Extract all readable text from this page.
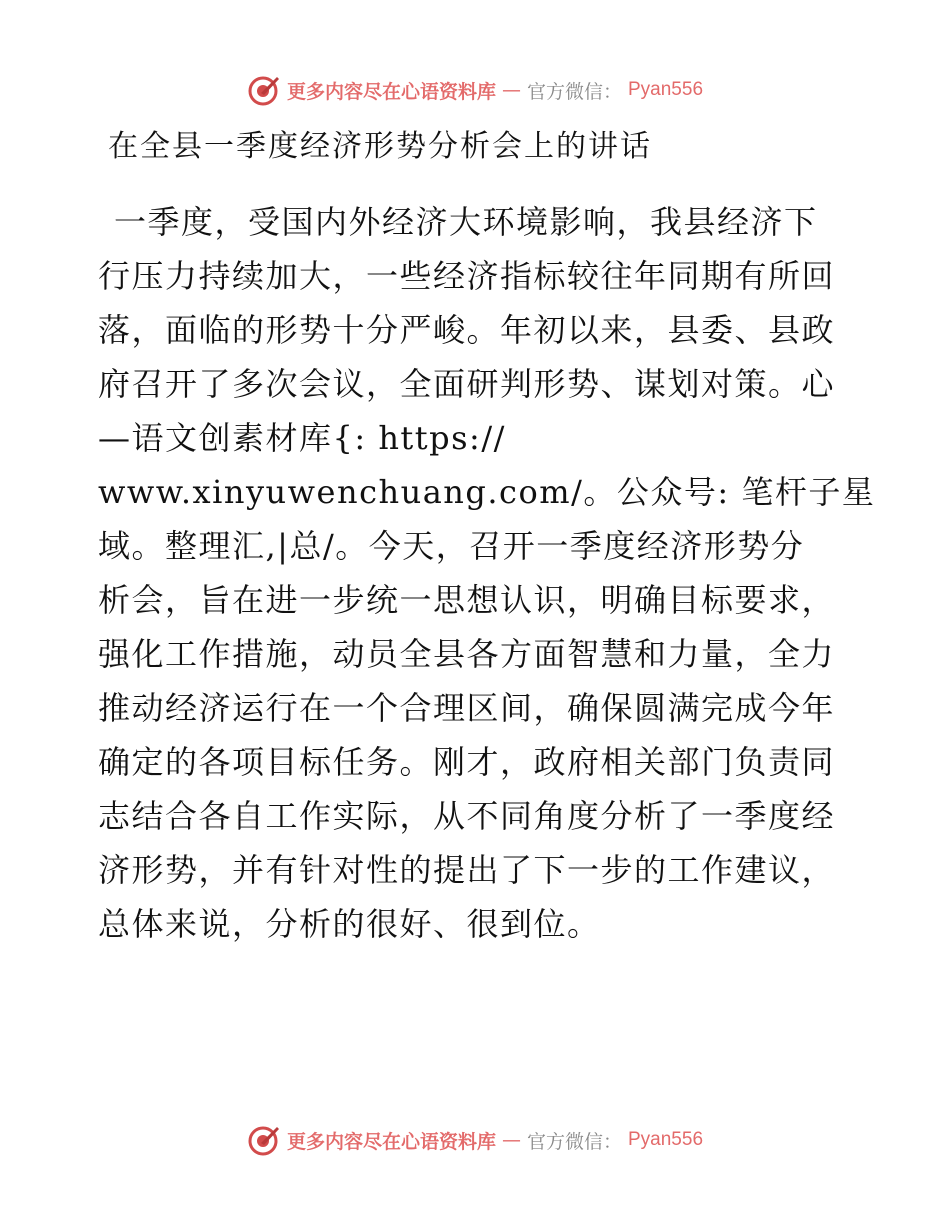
更多内容尽在心语资料库 — 官方微信： Pyan556
在全县一季度经济形势分析会上的讲话
一季度，受国内外经济大环境影响，我县经济下
行压力持续加大，一些经济指标较往年同期有所回
落，面临的形势十分严峻。年初以来，县委、县政
府召开了多次会议，全面研判形势、谋划对策。心
—语文创素材库{: https://
www.xinyuwenchuang.com/。公众号: 笔杆子星
域。整理汇,|总/。今天，召开一季度经济形势分
析会，旨在进一步统一思想认识，明确目标要求，
强化工作措施，动员全县各方面智慧和力量，全力
推动经济运行在一个合理区间，确保圆满完成今年
确定的各项目标任务。刚才，政府相关部门负责同
志结合各自工作实际，从不同角度分析了一季度经
济形势，并有针对性的提出了下一步的工作建议，
总体来说，分析的很好、很到位。
更多内容尽在心语资料库 — 官方微信： Pyan556
